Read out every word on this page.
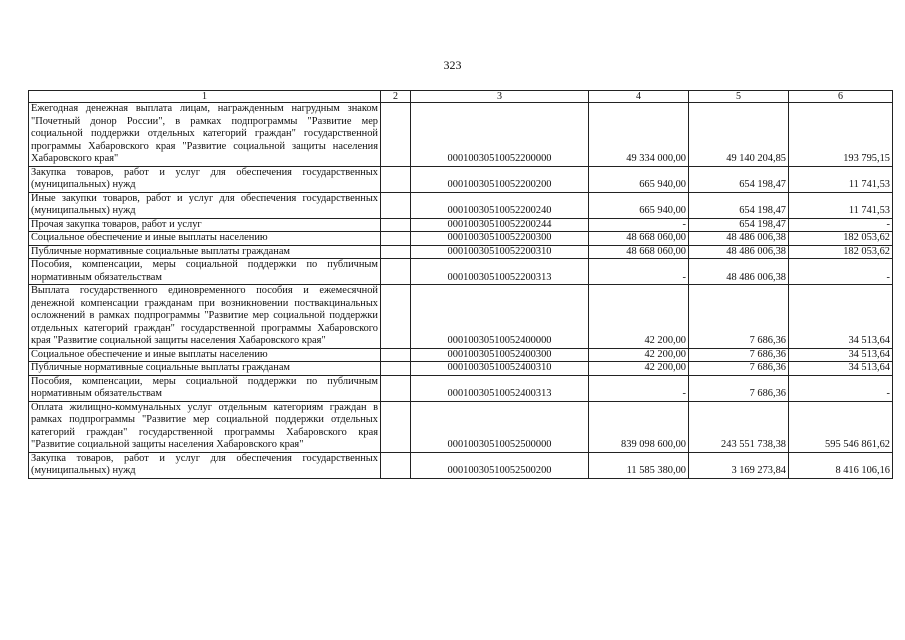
323
1	2	3	4	5	6
Ежегодная денежная выплата лицам, награжденным нагрудным знаком "Почетный донор России", в рамках подпрограммы "Развитие мер социальной поддержки отдельных категорий граждан" государственной программы Хабаровского края "Развитие социальной защиты населения Хабаровского края"		00010030510052200000	49 334 000,00	49 140 204,85	193 795,15
Закупка товаров, работ и услуг для обеспечения государственных (муниципальных) нужд		00010030510052200200	665 940,00	654 198,47	11 741,53
Иные закупки товаров, работ и услуг для обеспечения государственных (муниципальных) нужд		00010030510052200240	665 940,00	654 198,47	11 741,53
Прочая закупка товаров, работ и услуг		00010030510052200244	-	654 198,47	-
Социальное обеспечение и иные выплаты населению		00010030510052200300	48 668 060,00	48 486 006,38	182 053,62
Публичные нормативные социальные выплаты гражданам		00010030510052200310	48 668 060,00	48 486 006,38	182 053,62
Пособия, компенсации, меры социальной поддержки по публичным нормативным обязательствам		00010030510052200313	-	48 486 006,38	-
Выплата государственного единовременного пособия и ежемесячной денежной компенсации гражданам при возникновении поствакцинальных осложнений в рамках подпрограммы "Развитие мер социальной поддержки отдельных категорий граждан" государственной программы Хабаровского края "Развитие социальной защиты населения Хабаровского края"		00010030510052400000	42 200,00	7 686,36	34 513,64
Социальное обеспечение и иные выплаты населению		00010030510052400300	42 200,00	7 686,36	34 513,64
Публичные нормативные социальные выплаты гражданам		00010030510052400310	42 200,00	7 686,36	34 513,64
Пособия, компенсации, меры социальной поддержки по публичным нормативным обязательствам		00010030510052400313	-	7 686,36	-
Оплата жилищно-коммунальных услуг отдельным категориям граждан в рамках подпрограммы "Развитие мер социальной поддержки отдельных категорий граждан" государственной программы Хабаровского края "Развитие социальной защиты населения Хабаровского края"		00010030510052500000	839 098 600,00	243 551 738,38	595 546 861,62
Закупка товаров, работ и услуг для обеспечения государственных (муниципальных) нужд		00010030510052500200	11 585 380,00	3 169 273,84	8 416 106,16
